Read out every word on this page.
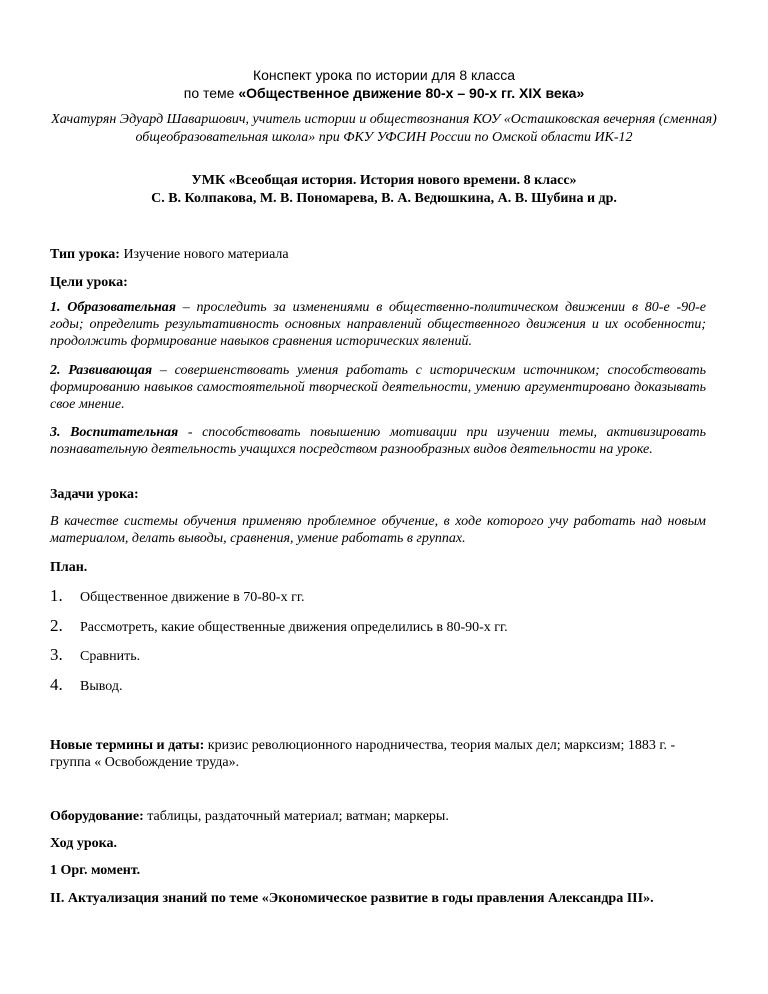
Конспект урока по истории для 8 класса
по теме «Общественное движение 80-х – 90-х гг. XIX века»
Хачатурян Эдуард Шаваршович, учитель истории и обществознания КОУ «Осташковская вечерняя (сменная) общеобразовательная школа» при ФКУ УФСИН России по Омской области ИК-12
УМК «Всеобщая история. История нового времени. 8 класс»
С. В. Колпакова, М. В. Пономарева, В. А. Ведюшкина, А. В. Шубина и др.
Тип урока: Изучение нового материала
Цели урока:
1. Образовательная – проследить за изменениями в общественно-политическом движении в 80-е -90-е годы; определить результативность основных направлений общественного движения и их особенности; продолжить формирование навыков сравнения исторических явлений.
2. Развивающая – совершенствовать умения работать с историческим источником; способствовать формированию навыков самостоятельной творческой деятельности, умению аргументировано доказывать свое мнение.
3. Воспитательная - способствовать повышению мотивации при изучении темы, активизировать познавательную деятельность учащихся посредством разнообразных видов деятельности на уроке.
Задачи урока:
В качестве системы обучения применяю проблемное обучение, в ходе которого учу работать над новым материалом, делать выводы, сравнения, умение работать в группах.
План.
1. Общественное движение в 70-80-х гг.
2. Рассмотреть, какие общественные движения определились в 80-90-х гг.
3. Сравнить.
4. Вывод.
Новые термины и даты: кризис революционного народничества, теория малых дел; марксизм; 1883 г. - группа « Освобождение труда».
Оборудование: таблицы, раздаточный материал; ватман; маркеры.
Ход урока.
1 Орг. момент.
II. Актуализация знаний по теме «Экономическое развитие в годы правления Александра III».
